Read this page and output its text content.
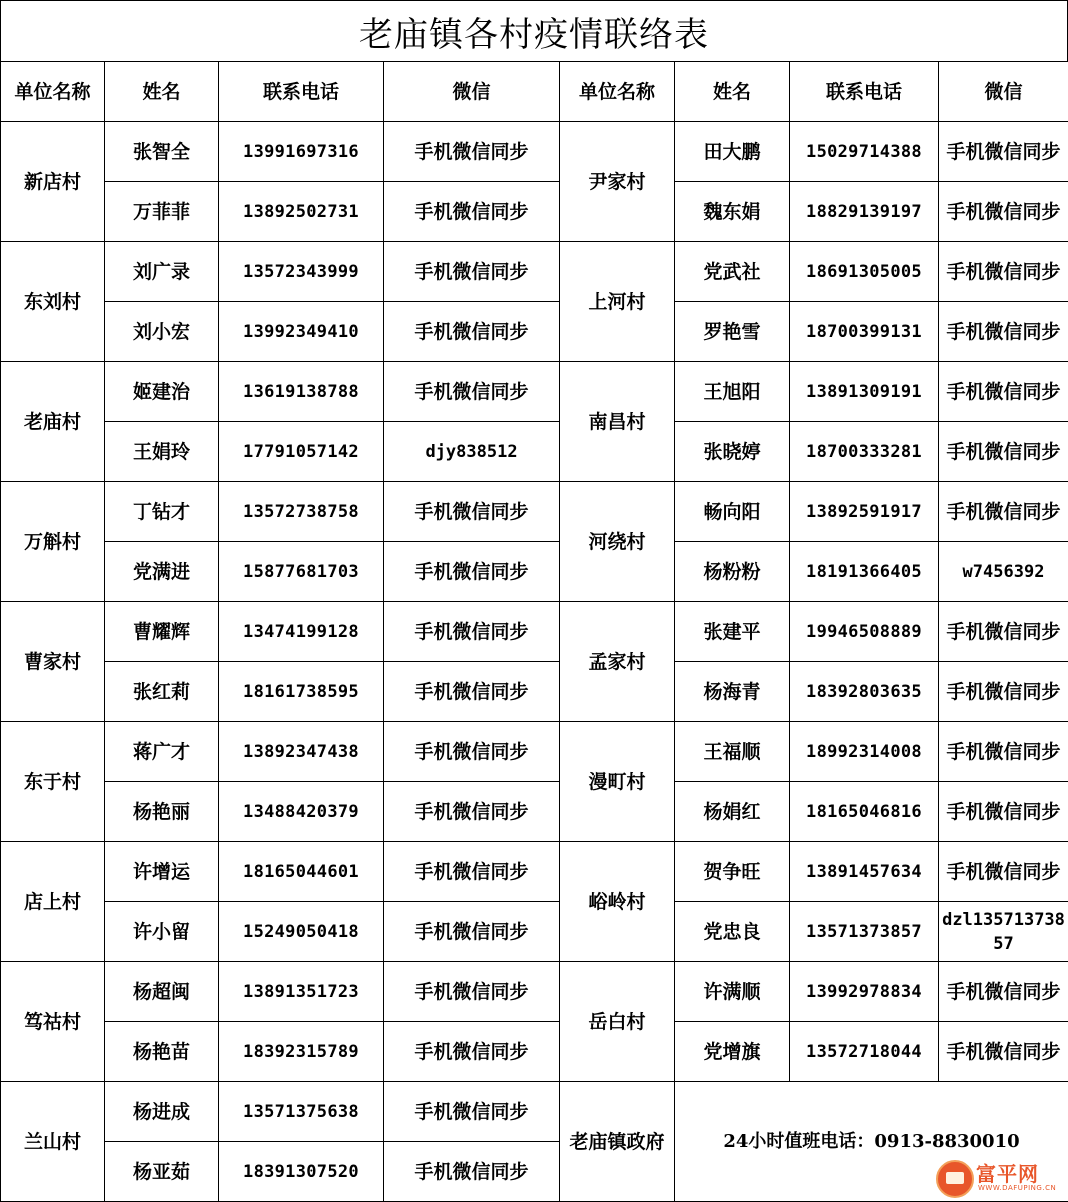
老庙镇各村疫情联络表
单位名称	姓名	联系电话	微信	单位名称	姓名	联系电话	微信
新店村	张智全	13991697316	手机微信同步	尹家村	田大鹏	15029714388	手机微信同步
	万菲菲	13892502731	手机微信同步		魏东娟	18829139197	手机微信同步
东刘村	刘广录	13572343999	手机微信同步	上河村	党武社	18691305005	手机微信同步
	刘小宏	13992349410	手机微信同步		罗艳雪	18700399131	手机微信同步
老庙村	姬建治	13619138788	手机微信同步	南昌村	王旭阳	13891309191	手机微信同步
	王娟玲	17791057142	djy838512		张晓婷	18700333281	手机微信同步
万斛村	丁钻才	13572738758	手机微信同步	河绕村	畅向阳	13892591917	手机微信同步
	党满进	15877681703	手机微信同步		杨粉粉	18191366405	w7456392
曹家村	曹耀辉	13474199128	手机微信同步	孟家村	张建平	19946508889	手机微信同步
	张红莉	18161738595	手机微信同步		杨海青	18392803635	手机微信同步
东于村	蒋广才	13892347438	手机微信同步	漫町村	王福顺	18992314008	手机微信同步
	杨艳丽	13488420379	手机微信同步		杨娟红	18165046816	手机微信同步
店上村	许增运	18165044601	手机微信同步	峪岭村	贺争旺	13891457634	手机微信同步
	许小留	15249050418	手机微信同步		党忠良	13571373857	dzl13571373857
笃祜村	杨超闽	13891351723	手机微信同步	岳白村	许满顺	13992978834	手机微信同步
	杨艳苗	18392315789	手机微信同步		党增旗	13572718044	手机微信同步
兰山村	杨进成	13571375638	手机微信同步	老庙镇政府	24小时值班电话：0913-8830010		
	杨亚茹	18391307520	手机微信同步					富平网
WWW.DAFUPING.CN
